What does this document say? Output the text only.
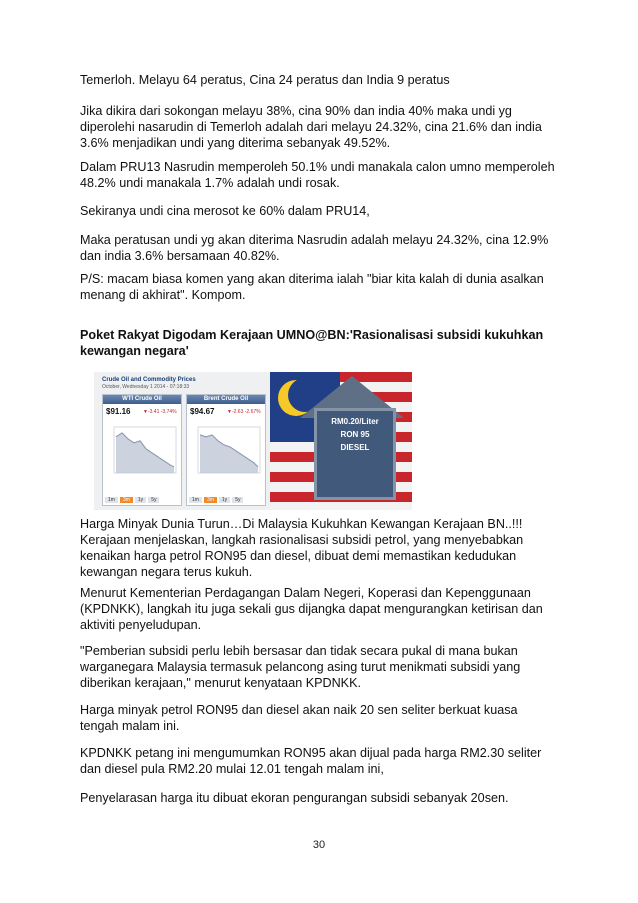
Temerloh. Melayu 64 peratus, Cina 24 peratus dan India 9 peratus

Jika dikira dari sokongan melayu 38%, cina 90% dan india 40% maka undi yg
diperolehi nasarudin di Temerloh adalah dari melayu 24.32%, cina 21.6% dan india
3.6% menjadikan undi yang diterima sebanyak 49.52%.

Dalam PRU13 Nasrudin memperoleh 50.1% undi manakala calon umno memperoleh
48.2% undi manakala 1.7% adalah undi rosak.

Sekiranya undi cina merosot ke 60% dalam PRU14,

Maka peratusan undi yg akan diterima Nasrudin adalah melayu 24.32%, cina 12.9%
dan india 3.6% bersamaan 40.82%.

P/S: macam biasa komen yang akan diterima ialah "biar kita kalah di dunia asalkan
menang di akhirat". Kompom.

Poket Rakyat Digodam Kerajaan UMNO@BN:'Rasionalisasi subsidi kukuhkan
kewangan negara'

Crude Oil and Commodity Prices
October, Wednesday 1 2014 - 07:18:33
WTI Crude Oil
$91.16	▼-3.41 -3.74%
1m 3m 1y 5y
Brent Crude Oil
$94.67	▼-2.63 -2.67%
1m 3m 1y 5y
RM0.20/Liter
RON 95
DIESEL

Harga Minyak Dunia Turun…Di Malaysia Kukuhkan Kewangan Kerajaan BN..!!!
Kerajaan menjelaskan, langkah rasionalisasi subsidi petrol, yang menyebabkan
kenaikan harga petrol RON95 dan diesel, dibuat demi memastikan kedudukan
kewangan negara terus kukuh.

Menurut Kementerian Perdagangan Dalam Negeri, Koperasi dan Kepenggunaan
(KPDNKK), langkah itu juga sekali gus dijangka dapat mengurangkan ketirisan dan
aktiviti penyeludupan.

"Pemberian subsidi perlu lebih bersasar dan tidak secara pukal di mana bukan
warganegara Malaysia termasuk pelancong asing turut menikmati subsidi yang
diberikan kerajaan," menurut kenyataan KPDNKK.

Harga minyak petrol RON95 dan diesel akan naik 20 sen seliter berkuat kuasa
tengah malam ini.

KPDNKK petang ini mengumumkan RON95 akan dijual pada harga RM2.30 seliter
dan diesel pula RM2.20 mulai 12.01 tengah malam ini,

Penyelarasan harga itu dibuat ekoran pengurangan subsidi sebanyak 20sen.

30
